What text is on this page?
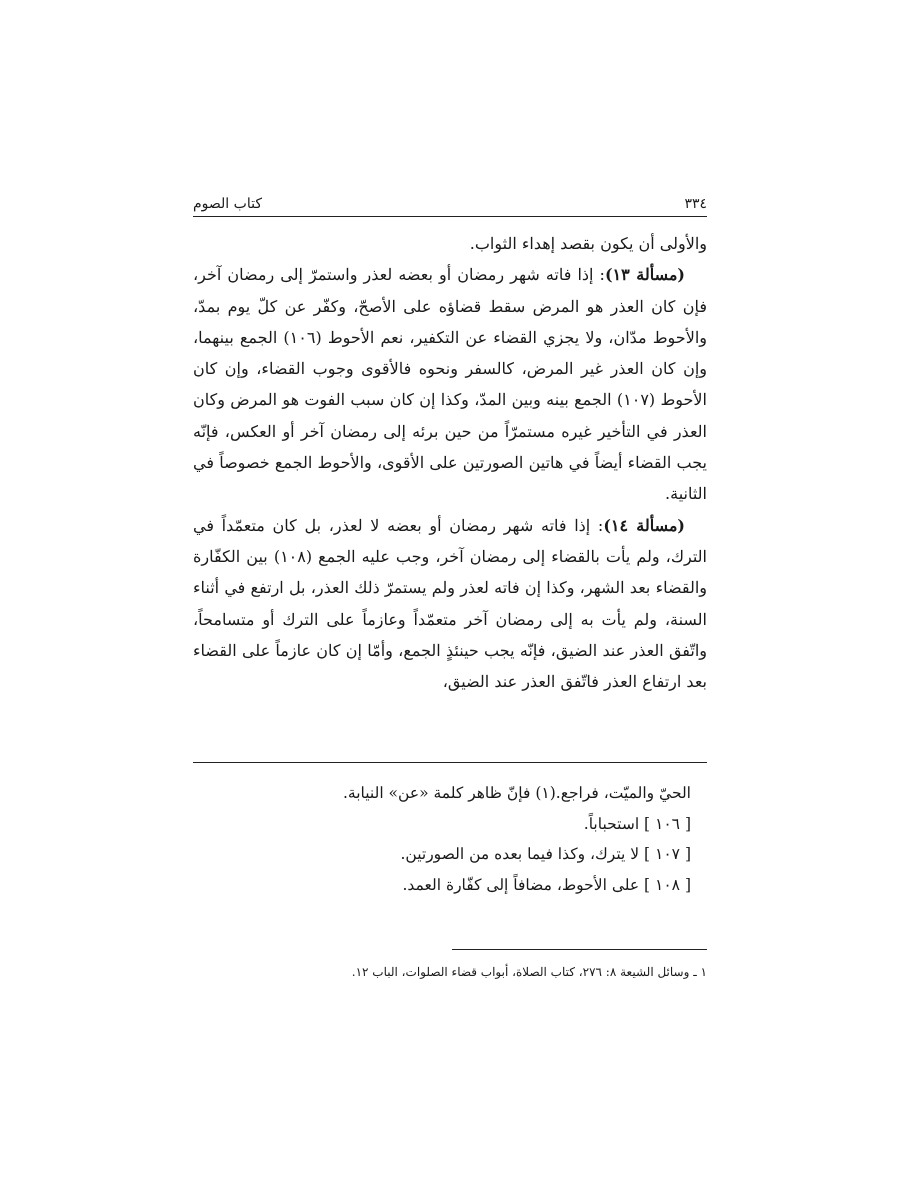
٣٣٤
كتاب الصوم

والأولى أن يكون بقصد إهداء الثواب.

(مسألة ١٣): إذا فاته شهر رمضان أو بعضه لعذر واستمرّ إلى رمضان آخر، فإن كان العذر هو المرض سقط قضاؤه على الأصحّ، وكفّر عن كلّ يوم بمدّ، والأحوط مدّان، ولا يجزي القضاء عن التكفير، نعم الأحوط (١٠٦) الجمع بينهما، وإن كان العذر غير المرض، كالسفر ونحوه فالأقوى وجوب القضاء، وإن كان الأحوط (١٠٧) الجمع بينه وبين المدّ، وكذا إن كان سبب الفوت هو المرض وكان العذر في التأخير غيره مستمرّاً من حين برئه إلى رمضان آخر أو العكس، فإنّه يجب القضاء أيضاً في هاتين الصورتين على الأقوى، والأحوط الجمع خصوصاً في الثانية.

(مسألة ١٤): إذا فاته شهر رمضان أو بعضه لا لعذر، بل كان متعمّداً في الترك، ولم يأت بالقضاء إلى رمضان آخر، وجب عليه الجمع (١٠٨) بين الكفّارة والقضاء بعد الشهر، وكذا إن فاته لعذر ولم يستمرّ ذلك العذر، بل ارتفع في أثناء السنة، ولم يأت به إلى رمضان آخر متعمّداً وعازماً على الترك أو متسامحاً، واتّفق العذر عند الضيق، فإنّه يجب حينئذٍ الجمع، وأمّا إن كان عازماً على القضاء بعد ارتفاع العذر فاتّفق العذر عند الضيق،

الحيّ والميّت، فراجع.(١) فإنّ ظاهر كلمة «عن» النيابة.

[ ١٠٦ ] استحباباً.

[ ١٠٧ ] لا يترك، وكذا فيما بعده من الصورتين.

[ ١٠٨ ] على الأحوط، مضافاً إلى كفّارة العمد.

١ ـ وسائل الشيعة ٨: ٢٧٦، كتاب الصلاة، أبواب قضاء الصلوات، الباب ١٢.
